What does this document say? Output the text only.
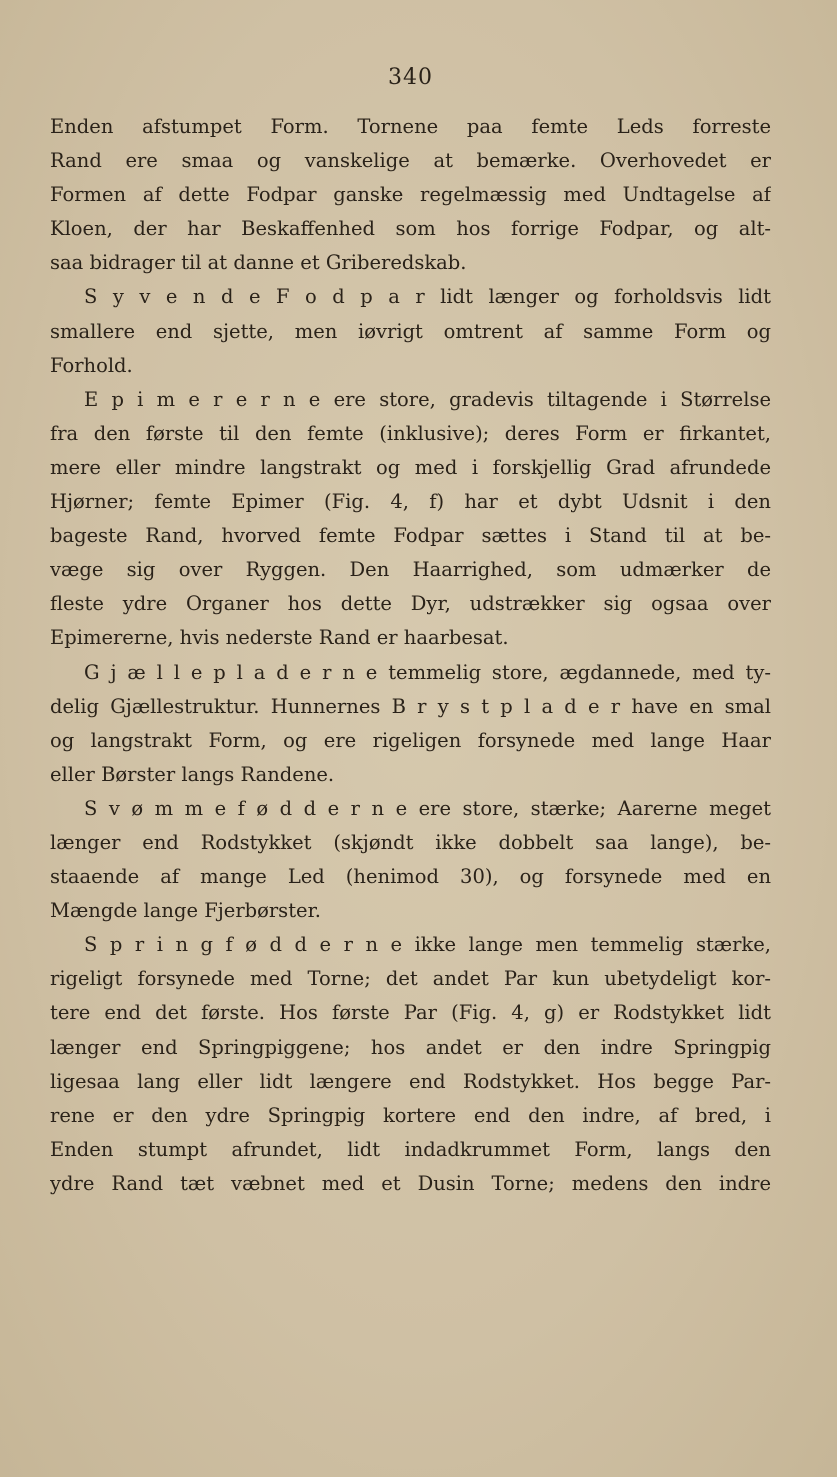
340
Enden afstumpet Form. Tornene paa femte Leds forreste
Rand ere smaa og vanskelige at bemærke. Overhovedet er
Formen af dette Fodpar ganske regelmæssig med Undtagelse af
Kloen, der har Beskaffenhed som hos forrige Fodpar, og alt-
saa bidrager til at danne et Griberedskab.
S y v e n d e F o d p a r lidt længer og forholdsvis lidt
smallere end sjette, men iøvrigt omtrent af samme Form og
Forhold.
E p i m e r e r n e ere store, gradevis tiltagende i Størrelse
fra den første til den femte (inklusive); deres Form er firkantet,
mere eller mindre langstrakt og med i forskjellig Grad afrundede
Hjørner; femte Epimer (Fig. 4, f) har et dybt Udsnit i den
bageste Rand, hvorved femte Fodpar sættes i Stand til at be-
væge sig over Ryggen. Den Haarrighed, som udmærker de
fleste ydre Organer hos dette Dyr, udstrækker sig ogsaa over
Epimererne, hvis nederste Rand er haarbesat.
G j æ l l e p l a d e r n e temmelig store, ægdannede, med ty-
delig Gjællestruktur. Hunnernes B r y s t p l a d e r have en smal
og langstrakt Form, og ere rigeligen forsynede med lange Haar
eller Børster langs Randene.
S v ø m m e f ø d d e r n e ere store, stærke; Aarerne meget
længer end Rodstykket (skjøndt ikke dobbelt saa lange), be-
staaende af mange Led (henimod 30), og forsynede med en
Mængde lange Fjerbørster.
S p r i n g f ø d d e r n e ikke lange men temmelig stærke,
rigeligt forsynede med Torne; det andet Par kun ubetydeligt kor-
tere end det første. Hos første Par (Fig. 4, g) er Rodstykket lidt
længer end Springpiggene; hos andet er den indre Springpig
ligesaa lang eller lidt længere end Rodstykket. Hos begge Par-
rene er den ydre Springpig kortere end den indre, af bred, i
Enden stumpt afrundet, lidt indadkrummet Form, langs den
ydre Rand tæt væbnet med et Dusin Torne; medens den indre
